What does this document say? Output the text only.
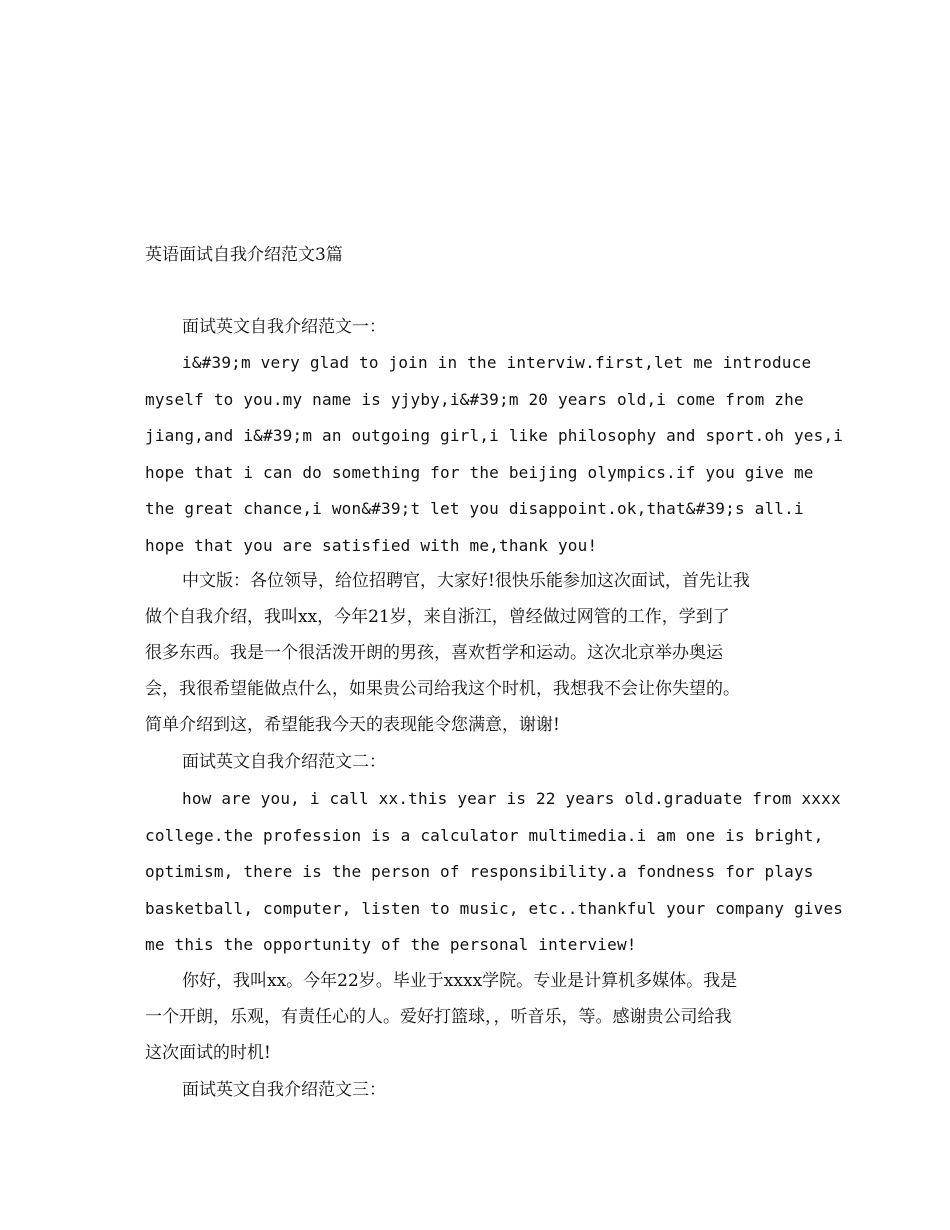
英语面试自我介绍范文3篇
面试英文自我介绍范文一：
i&#39;m very glad to join in the interviw.first,let me introduce
myself to you.my name is yjyby,i&#39;m 20 years old,i come from zhe
jiang,and i&#39;m an outgoing girl,i like philosophy and sport.oh yes,i
hope that i can do something for the beijing olympics.if you give me
the great chance,i won&#39;t let you disappoint.ok,that&#39;s all.i
hope that you are satisfied with me,thank you!
中文版：各位领导，给位招聘官，大家好!很快乐能参加这次面试，首先让我
做个自我介绍，我叫xx，今年21岁，来自浙江，曾经做过网管的工作，学到了
很多东西。我是一个很活泼开朗的男孩，喜欢哲学和运动。这次北京举办奥运
会，我很希望能做点什么，如果贵公司给我这个时机，我想我不会让你失望的。
简单介绍到这，希望能我今天的表现能令您满意，谢谢!
面试英文自我介绍范文二：
how are you, i call xx.this year is 22 years old.graduate from xxxx
college.the profession is a calculator multimedia.i am one is bright,
optimism, there is the person of responsibility.a fondness for plays
basketball, computer, listen to music, etc..thankful your company gives
me this the opportunity of the personal interview!
你好，我叫xx。今年22岁。毕业于xxxx学院。专业是计算机多媒体。我是
一个开朗，乐观，有责任心的人。爱好打篮球，，听音乐，等。感谢贵公司给我
这次面试的时机!
面试英文自我介绍范文三：
